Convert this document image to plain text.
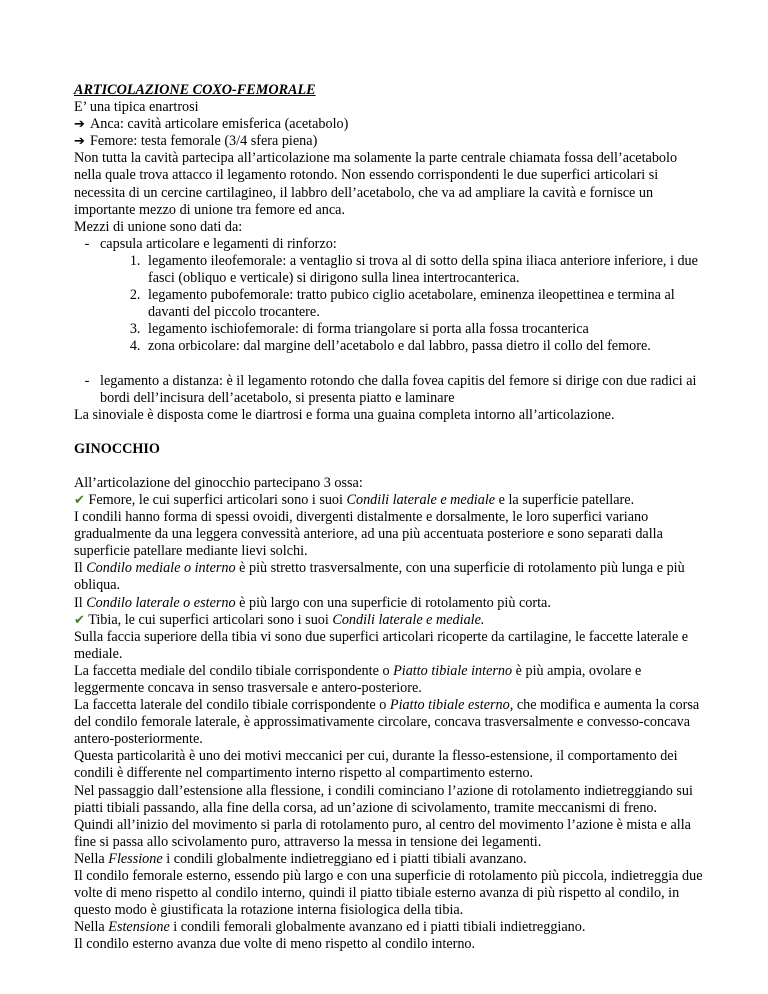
ARTICOLAZIONE COXO-FEMORALE

E’ una tipica enartrosi

➔ Anca: cavità articolare emisferica (acetabolo)
➔ Femore: testa femorale (3/4 sfera piena)

Non tutta la cavità partecipa all’articolazione ma solamente la parte centrale chiamata fossa dell’acetabolo nella quale trova attacco il legamento rotondo. Non essendo corrispondenti le due superfici articolari si necessita di un cercine cartilagineo, il labbro dell’acetabolo, che va ad ampliare la cavità e fornisce un importante mezzo di unione tra femore ed anca.

Mezzi di unione sono dati da:

- capsula articolare e legamenti di rinforzo:
1. legamento ileofemorale: a ventaglio si trova al di sotto della spina iliaca anteriore inferiore, i due fasci (obliquo e verticale) si dirigono sulla linea intertrocanterica.
2. legamento pubofemorale: tratto pubico ciglio acetabolare, eminenza ileopettinea e termina al davanti del piccolo trocantere.
3. legamento ischiofemorale: di forma triangolare si porta alla fossa trocanterica
4. zona orbicolare: dal margine dell’acetabolo e dal labbro, passa dietro il collo del femore.
- legamento a distanza: è il legamento rotondo che dalla fovea capitis del femore si dirige con due radici ai bordi dell’incisura dell’acetabolo, si presenta piatto e laminare

La sinoviale è disposta come le diartrosi e forma una guaina completa intorno all’articolazione.

GINOCCHIO

All’articolazione del ginocchio partecipano 3 ossa:

✔ Femore, le cui superfici articolari sono i suoi Condili laterale e mediale e la superficie patellare.

I condili hanno forma di spessi ovoidi, divergenti distalmente e dorsalmente, le loro superfici variano gradualmente da una leggera convessità anteriore, ad una più accentuata posteriore e sono separati dalla superficie patellare mediante lievi solchi.

Il Condilo mediale o interno è più stretto trasversalmente, con una superficie di rotolamento più lunga e più obliqua.

Il Condilo laterale o esterno è più largo con una superficie di rotolamento più corta.

✔ Tibia, le cui superfici articolari sono i suoi Condili laterale e mediale.

Sulla faccia superiore della tibia vi sono due superfici articolari ricoperte da cartilagine, le faccette laterale e mediale.

La faccetta mediale del condilo tibiale corrispondente o Piatto tibiale interno è più ampia, ovolare e leggermente concava in senso trasversale e antero-posteriore.

La faccetta laterale del condilo tibiale corrispondente o Piatto tibiale esterno, che modifica e aumenta la corsa del condilo femorale laterale, è approssimativamente circolare, concava trasversalmente e convesso-concava antero-posteriormente.

Questa particolarità è uno dei motivi meccanici per cui, durante la flesso-estensione, il comportamento dei condili è differente nel compartimento interno rispetto al compartimento esterno.

Nel passaggio dall’estensione alla flessione, i condili cominciano l’azione di rotolamento indietreggiando sui piatti tibiali passando, alla fine della corsa, ad un’azione di scivolamento, tramite meccanismi di freno.

Quindi all’inizio del movimento si parla di rotolamento puro, al centro del movimento l’azione è mista e alla fine si passa allo scivolamento puro, attraverso la messa in tensione dei legamenti.

Nella Flessione i condili globalmente indietreggiano ed i piatti tibiali avanzano.

Il condilo femorale esterno, essendo più largo e con una superficie di rotolamento più piccola, indietreggia due volte di meno rispetto al condilo interno, quindi il piatto tibiale esterno avanza di più rispetto al condilo, in questo modo è giustificata la rotazione interna fisiologica della tibia.

Nella Estensione i condili femorali globalmente avanzano ed i piatti tibiali indietreggiano.

Il condilo esterno avanza due volte di meno rispetto al condilo interno.
